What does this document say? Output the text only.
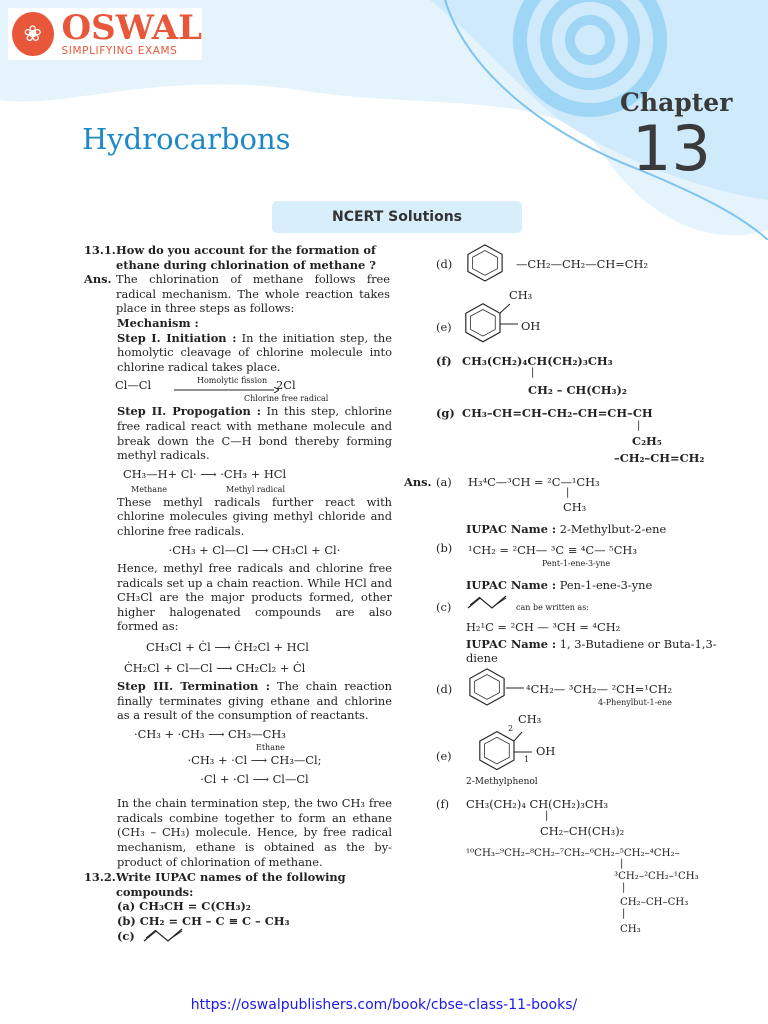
❀ OSWAL
SIMPLIFYING EXAMS
Hydrocarbons
Chapter
13
NCERT Solutions
13.1.How do you account for the formation of ethane during chlorination of methane ?
Ans. The chlorination of methane follows free radical mechanism. The whole reaction takes place in three steps as follows:
Mechanism :
Step I. Initiation : In the initiation step, the homolytic cleavage of chlorine molecule into chlorine radical takes place.
Cl—Cl	Homolytic fission 2Cl
Chlorine free radical
Step II. Propogation : In this step, chlorine free radical react with methane molecule and break down the C—H bond thereby forming methyl radicals.
CH₃—H+ Cl· ⟶ ·CH₃ + HCl
Methane	Methyl radical
These methyl radicals further react with chlorine molecules giving methyl chloride and chlorine free radicals.
·CH₃ + Cl—Cl ⟶ CH₃Cl + Cl·
Hence, methyl free radicals and chlorine free radicals set up a chain reaction. While HCl and CH₃Cl are the major products formed, other higher halogenated compounds are also formed as:
CH₃Cl + Ċl ⟶ ĊH₂Cl + HCl
ĊH₂Cl + Cl—Cl ⟶ CH₂Cl₂ + Ċl
Step III. Termination : The chain reaction finally terminates giving ethane and chlorine as a result of the consumption of reactants.
·CH₃ + ·CH₃ ⟶ CH₃—CH₃
Ethane
·CH₃ + ·Cl ⟶ CH₃—Cl;
·Cl + ·Cl ⟶ Cl—Cl
In the chain termination step, the two CH₃ free radicals combine together to form an ethane (CH₃ – CH₃) molecule. Hence, by free radical mechanism, ethane is obtained as the by- product of chlorination of methane.
13.2.Write IUPAC names of the following compounds:
(a) CH₃CH = C(CH₃)₂
(b) CH₂ = CH – C ≡ C – CH₃
(c)
(d)	—CH₂—CH₂—CH=CH₂
(e)
CH₃
OH
(f) CH₃(CH₂)₄CH(CH₂)₃CH₃
|
CH₂ – CH(CH₃)₂
(g) CH₃–CH=CH–CH₂–CH=CH–CH
|
C₂H₅
–CH₂–CH=CH₂
Ans. (a) H₃⁴C—³CH = ²C—¹CH₃
|
CH₃
IUPAC Name : 2-Methylbut-2-ene
(b) ¹CH₂ = ²CH— ³C ≡ ⁴C— ⁵CH₃
Pent-1-ene-3-yne
IUPAC Name : Pen-1-ene-3-yne
(c)	can be written as:
H₂¹C = ²CH — ³CH = ⁴CH₂
IUPAC Name : 1, 3-Butadiene or Buta-1,3-diene
(d)	⁴CH₂— ³CH₂— ²CH=¹CH₂
4-Phenylbut-1-ene
(e)
CH₃
OH
2
1
2-Methylphenol
(f) CH₃(CH₂)₄ CH(CH₂)₃CH₃
|
CH₂–CH(CH₃)₂
¹⁰CH₃–⁹CH₂–⁸CH₂–⁷CH₂–⁶CH₂–⁵CH₂–⁴CH₂–
|
³CH₂–²CH₂–¹CH₃
|
CH₂–CH–CH₃
|
CH₃
https://oswalpublishers.com/book/cbse-class-11-books/
